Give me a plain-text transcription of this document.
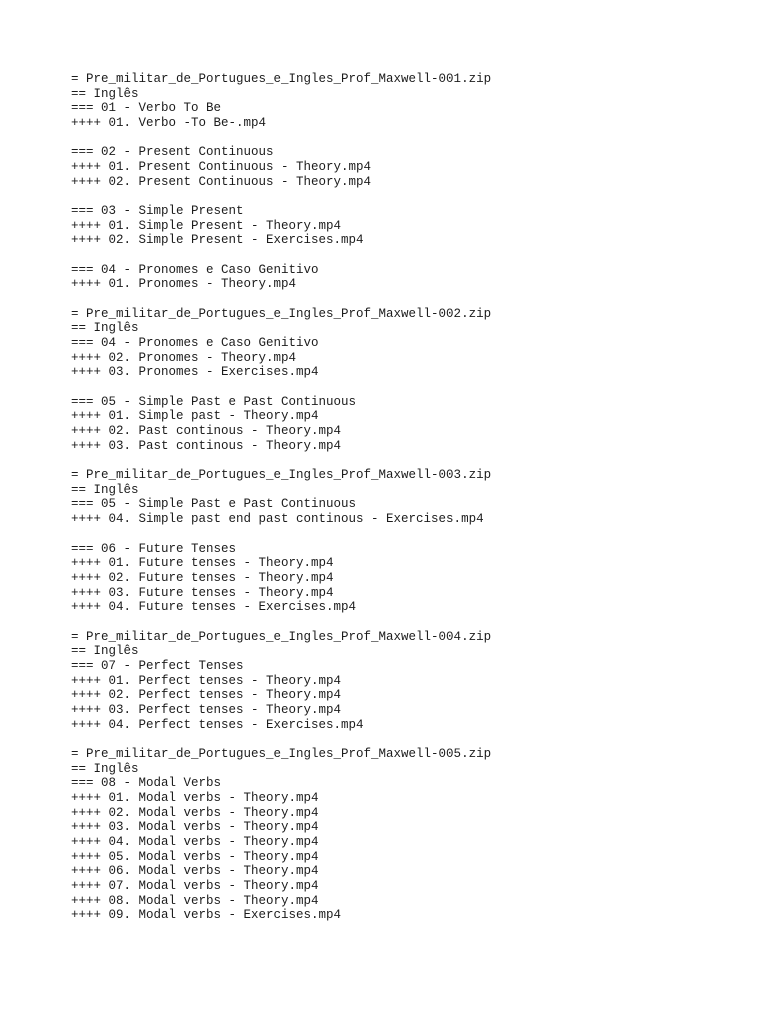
= Pre_militar_de_Portugues_e_Ingles_Prof_Maxwell-001.zip
== Inglês
=== 01 - Verbo To Be
++++ 01. Verbo -To Be-.mp4
=== 02 - Present Continuous
++++ 01. Present Continuous - Theory.mp4
++++ 02. Present Continuous - Theory.mp4
=== 03 - Simple Present
++++ 01. Simple Present - Theory.mp4
++++ 02. Simple Present - Exercises.mp4
=== 04 - Pronomes e Caso Genitivo
++++ 01. Pronomes - Theory.mp4
= Pre_militar_de_Portugues_e_Ingles_Prof_Maxwell-002.zip
== Inglês
=== 04 - Pronomes e Caso Genitivo
++++ 02. Pronomes - Theory.mp4
++++ 03. Pronomes - Exercises.mp4
=== 05 - Simple Past e Past Continuous
++++ 01. Simple past - Theory.mp4
++++ 02. Past continous - Theory.mp4
++++ 03. Past continous - Theory.mp4
= Pre_militar_de_Portugues_e_Ingles_Prof_Maxwell-003.zip
== Inglês
=== 05 - Simple Past e Past Continuous
++++ 04. Simple past end past continous - Exercises.mp4
=== 06 - Future Tenses
++++ 01. Future tenses - Theory.mp4
++++ 02. Future tenses - Theory.mp4
++++ 03. Future tenses - Theory.mp4
++++ 04. Future tenses - Exercises.mp4
= Pre_militar_de_Portugues_e_Ingles_Prof_Maxwell-004.zip
== Inglês
=== 07 - Perfect Tenses
++++ 01. Perfect tenses - Theory.mp4
++++ 02. Perfect tenses - Theory.mp4
++++ 03. Perfect tenses - Theory.mp4
++++ 04. Perfect tenses - Exercises.mp4
= Pre_militar_de_Portugues_e_Ingles_Prof_Maxwell-005.zip
== Inglês
=== 08 - Modal Verbs
++++ 01. Modal verbs - Theory.mp4
++++ 02. Modal verbs - Theory.mp4
++++ 03. Modal verbs - Theory.mp4
++++ 04. Modal verbs - Theory.mp4
++++ 05. Modal verbs - Theory.mp4
++++ 06. Modal verbs - Theory.mp4
++++ 07. Modal verbs - Theory.mp4
++++ 08. Modal verbs - Theory.mp4
++++ 09. Modal verbs - Exercises.mp4
